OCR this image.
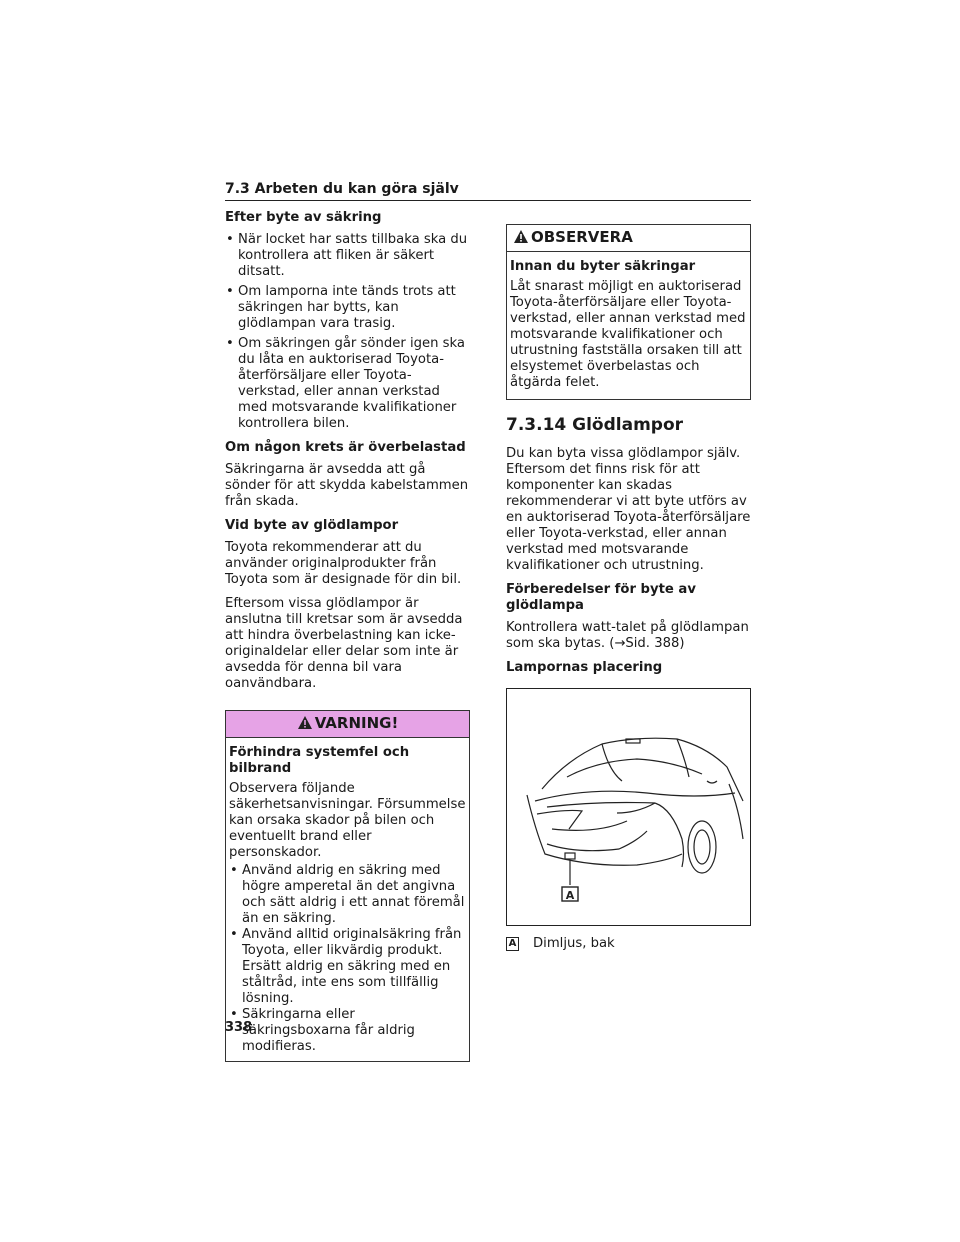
7.3 Arbeten du kan göra själv
Efter byte av säkring
• När locket har satts tillbaka ska du kontrollera att fliken är säkert ditsatt.
• Om lamporna inte tänds trots att säkringen har bytts, kan glödlampan vara trasig.
• Om säkringen går sönder igen ska du låta en auktoriserad Toyota-återförsäljare eller Toyota-verkstad, eller annan verkstad med motsvarande kvalifikationer kontrollera bilen.
Om någon krets är överbelastad

Säkringarna är avsedda att gå sönder för att skydda kabelstammen från skada.

Vid byte av glödlampor

Toyota rekommenderar att du använder originalprodukter från Toyota som är designade för din bil.

Eftersom vissa glödlampor är anslutna till kretsar som är avsedda att hindra överbelastning kan icke-originaldelar eller delar som inte är avsedda för denna bil vara oanvändbara.

VARNING!
Förhindra systemfel och bilbrand

Observera följande säkerhetsanvisningar. Försummelse kan orsaka skador på bilen och eventuellt brand eller personskador.

• Använd aldrig en säkring med högre amperetal än det angivna och sätt aldrig i ett annat föremål än en säkring.
• Använd alltid originalsäkring från Toyota, eller likvärdig produkt. Ersätt aldrig en säkring med en ståltråd, inte ens som tillfällig lösning.
• Säkringarna eller säkringsboxarna får aldrig modifieras.
OBSERVERA
Innan du byter säkringar

Låt snarast möjligt en auktoriserad Toyota-återförsäljare eller Toyota-verkstad, eller annan verkstad med motsvarande kvalifikationer och utrustning fastställa orsaken till att elsystemet överbelastas och åtgärda felet.

7.3.14 Glödlampor

Du kan byta vissa glödlampor själv. Eftersom det finns risk för att komponenter kan skadas rekommenderar vi att byte utförs av en auktoriserad Toyota-återförsäljare eller Toyota-verkstad, eller annan verkstad med motsvarande kvalifikationer och utrustning.

Förberedelser för byte av glödlampa

Kontrollera watt-talet på glödlampan som ska bytas. (→Sid. 388)

Lampornas placering
A
A Dimljus, bak
338
